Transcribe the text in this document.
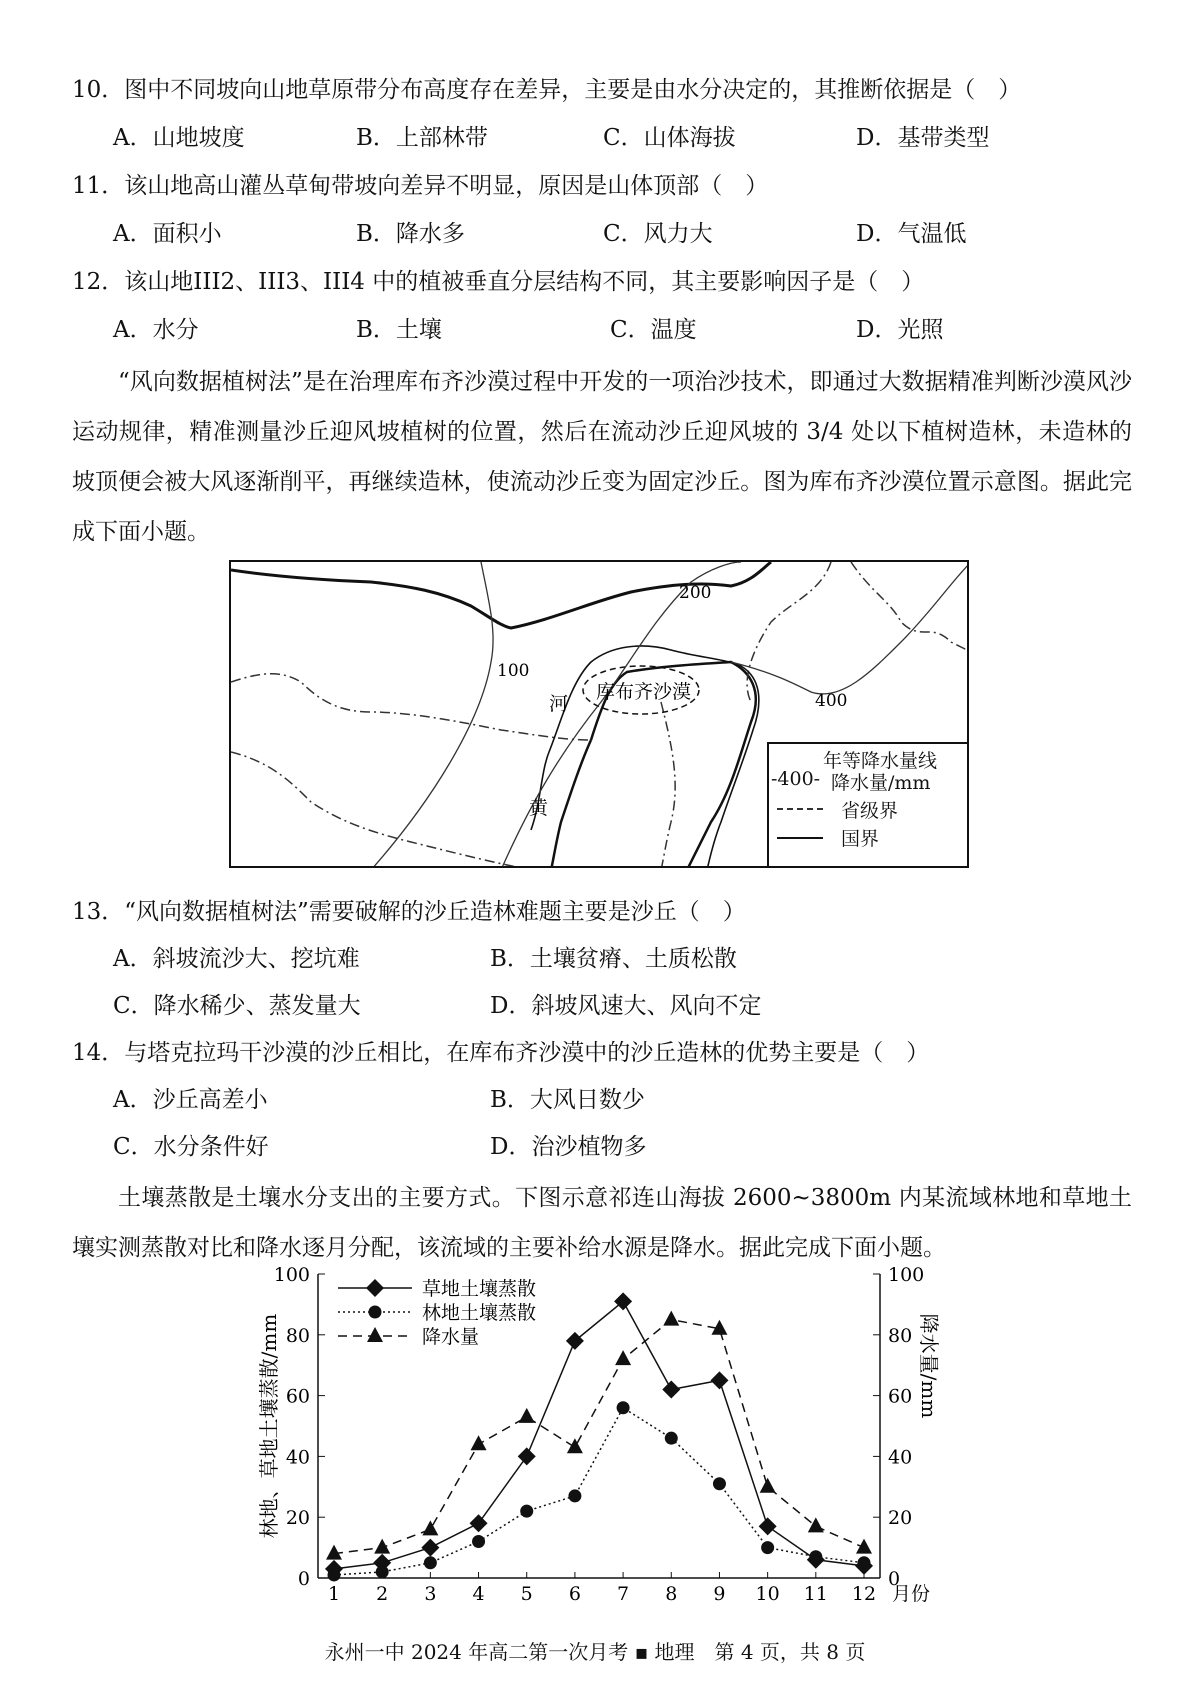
10．图中不同坡向山地草原带分布高度存在差异，主要是由水分决定的，其推断依据是（　）
A．山地坡度	B．上部林带	C．山体海拔	D．基带类型
11．该山地高山灌丛草甸带坡向差异不明显，原因是山体顶部（　）
A．面积小	B．降水多	C．风力大	D．气温低
12．该山地III2、III3、III4 中的植被垂直分层结构不同，其主要影响因子是（　）
A．水分	B．土壤	C．温度	D．光照
“风向数据植树法”是在治理库布齐沙漠过程中开发的一项治沙技术，即通过大数据精准判断沙漠风沙运动规律，精准测量沙丘迎风坡植树的位置，然后在流动沙丘迎风坡的 3/4 处以下植树造林，未造林的坡顶便会被大风逐渐削平，再继续造林，使流动沙丘变为固定沙丘。图为库布齐沙漠位置示意图。据此完成下面小题。
200
100
400
库布齐沙漠
河
黄
年等降水量线
-400- 降水量/mm
省级界
国界
13．“风向数据植树法”需要破解的沙丘造林难题主要是沙丘（　）
A．斜坡流沙大、挖坑难	B．土壤贫瘠、土质松散
C．降水稀少、蒸发量大	D．斜坡风速大、风向不定
14．与塔克拉玛干沙漠的沙丘相比，在库布齐沙漠中的沙丘造林的优势主要是（　）
A．沙丘高差小	B．大风日数少
C．水分条件好	D．治沙植物多
土壤蒸散是土壤水分支出的主要方式。下图示意祁连山海拔 2600~3800m 内某流域林地和草地土壤实测蒸散对比和降水逐月分配，该流域的主要补给水源是降水。据此完成下面小题。
0	0
20	20
40	40
60	60
80	80
100	100
1 2 3 4 5 6 7 8 9 10 11 12 月份
林地、草地土壤蒸散/mm	降水量/mm
草地土壤蒸散
林地土壤蒸散
降水量
永州一中 2024 年高二第一次月考 ▪ 地理　第 4 页，共 8 页
